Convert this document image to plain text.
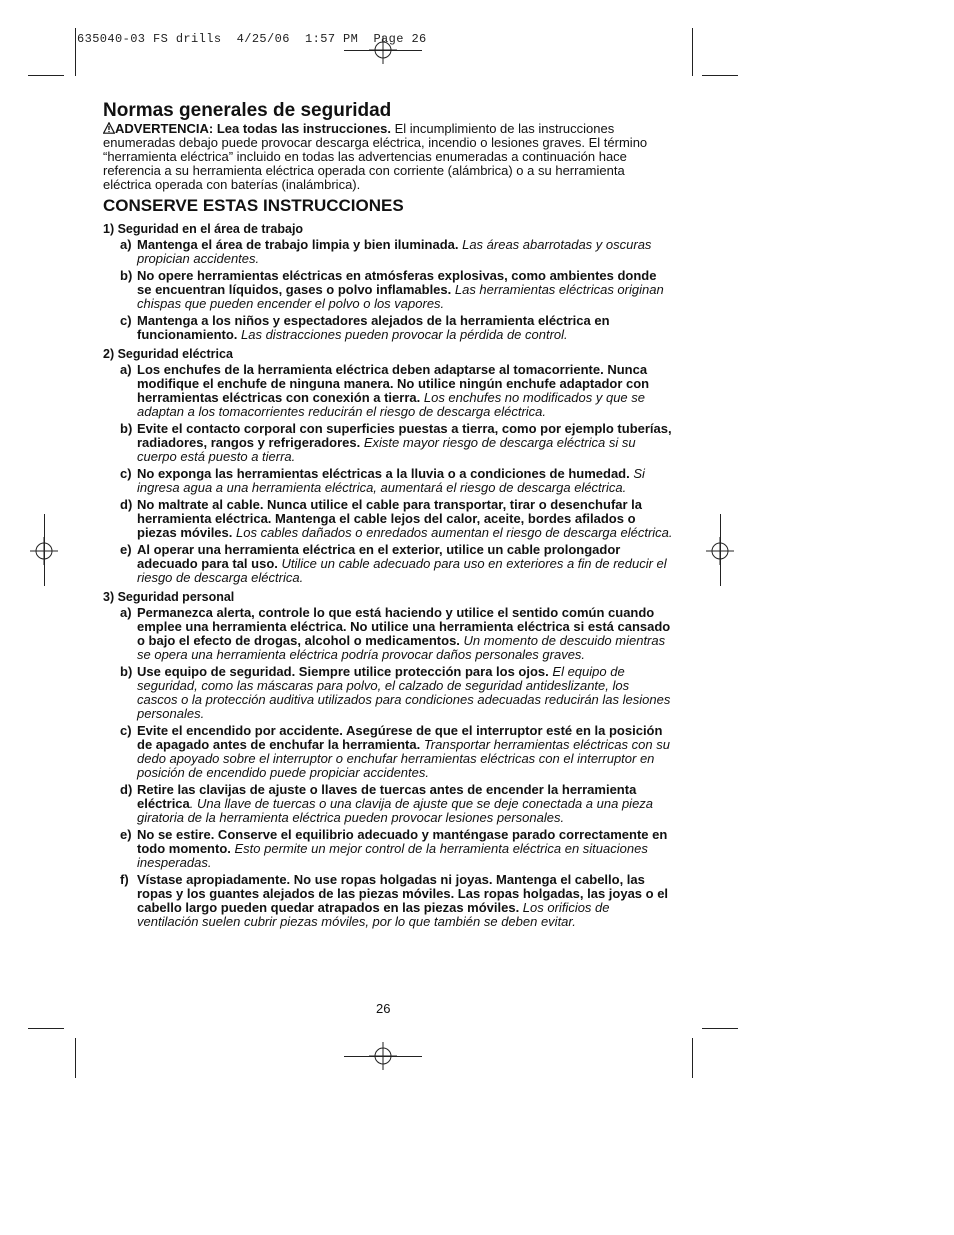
635040-03 FS drills  4/25/06  1:57 PM  Page 26
Normas generales de seguridad

ADVERTENCIA: Lea todas las instrucciones. El incumplimiento de las instrucciones enumeradas debajo puede provocar descarga eléctrica, incendio o lesiones graves. El término “herramienta eléctrica” incluido en todas las advertencias enumeradas a continuación hace referencia a su herramienta eléctrica operada con corriente (alámbrica) o a su herramienta eléctrica operada con baterías (inalámbrica).

CONSERVE ESTAS INSTRUCCIONES
1) Seguridad en el área de trabajo
a) Mantenga el área de trabajo limpia y bien iluminada. Las áreas abarrotadas y oscuras propician accidentes.
b) No opere herramientas eléctricas en atmósferas explosivas, como ambientes donde se encuentran líquidos, gases o polvo inflamables. Las herramientas eléctricas originan chispas que pueden encender el polvo o los vapores.
c) Mantenga a los niños y espectadores alejados de la herramienta eléctrica en funcionamiento. Las distracciones pueden provocar la pérdida de control.
2) Seguridad eléctrica
a) Los enchufes de la herramienta eléctrica deben adaptarse al tomacorriente. Nunca modifique el enchufe de ninguna manera. No utilice ningún enchufe adaptador con herramientas eléctricas con conexión a tierra. Los enchufes no modificados y que se adaptan a los tomacorrientes reducirán el riesgo de descarga eléctrica.
b) Evite el contacto corporal con superficies puestas a tierra, como por ejemplo tuberías, radiadores, rangos y refrigeradores. Existe mayor riesgo de descarga eléctrica si su cuerpo está puesto a tierra.
c) No exponga las herramientas eléctricas a la lluvia o a condiciones de humedad. Si ingresa agua a una herramienta eléctrica, aumentará el riesgo de descarga eléctrica.
d) No maltrate al cable. Nunca utilice el cable para transportar, tirar o desenchufar la herramienta eléctrica. Mantenga el cable lejos del calor, aceite, bordes afilados o piezas móviles. Los cables dañados o enredados aumentan el riesgo de descarga eléctrica.
e) Al operar una herramienta eléctrica en el exterior, utilice un cable prolongador adecuado para tal uso. Utilice un cable adecuado para uso en exteriores a fin de reducir el riesgo de descarga eléctrica.
3) Seguridad personal
a) Permanezca alerta, controle lo que está haciendo y utilice el sentido común cuando emplee una herramienta eléctrica. No utilice una herramienta eléctrica si está cansado o bajo el efecto de drogas, alcohol o medicamentos. Un momento de descuido mientras se opera una herramienta eléctrica podría provocar daños personales graves.
b) Use equipo de seguridad. Siempre utilice protección para los ojos. El equipo de seguridad, como las máscaras para polvo, el calzado de seguridad antideslizante, los cascos o la protección auditiva utilizados para condiciones adecuadas reducirán las lesiones personales.
c) Evite el encendido por accidente. Asegúrese de que el interruptor esté en la posición de apagado antes de enchufar la herramienta. Transportar herramientas eléctricas con su dedo apoyado sobre el interruptor o enchufar herramientas eléctricas con el interruptor en posición de encendido puede propiciar accidentes.
d) Retire las clavijas de ajuste o llaves de tuercas antes de encender la herramienta eléctrica. Una llave de tuercas o una clavija de ajuste que se deje conectada a una pieza giratoria de la herramienta eléctrica pueden provocar lesiones personales.
e) No se estire. Conserve el equilibrio adecuado y manténgase parado correctamente en todo momento. Esto permite un mejor control de la herramienta eléctrica en situaciones inesperadas.
f) Vístase apropiadamente. No use ropas holgadas ni joyas. Mantenga el cabello, las ropas y los guantes alejados de las piezas móviles. Las ropas holgadas, las joyas o el cabello largo pueden quedar atrapados en las piezas móviles. Los orificios de ventilación suelen cubrir piezas móviles, por lo que también se deben evitar.
26
